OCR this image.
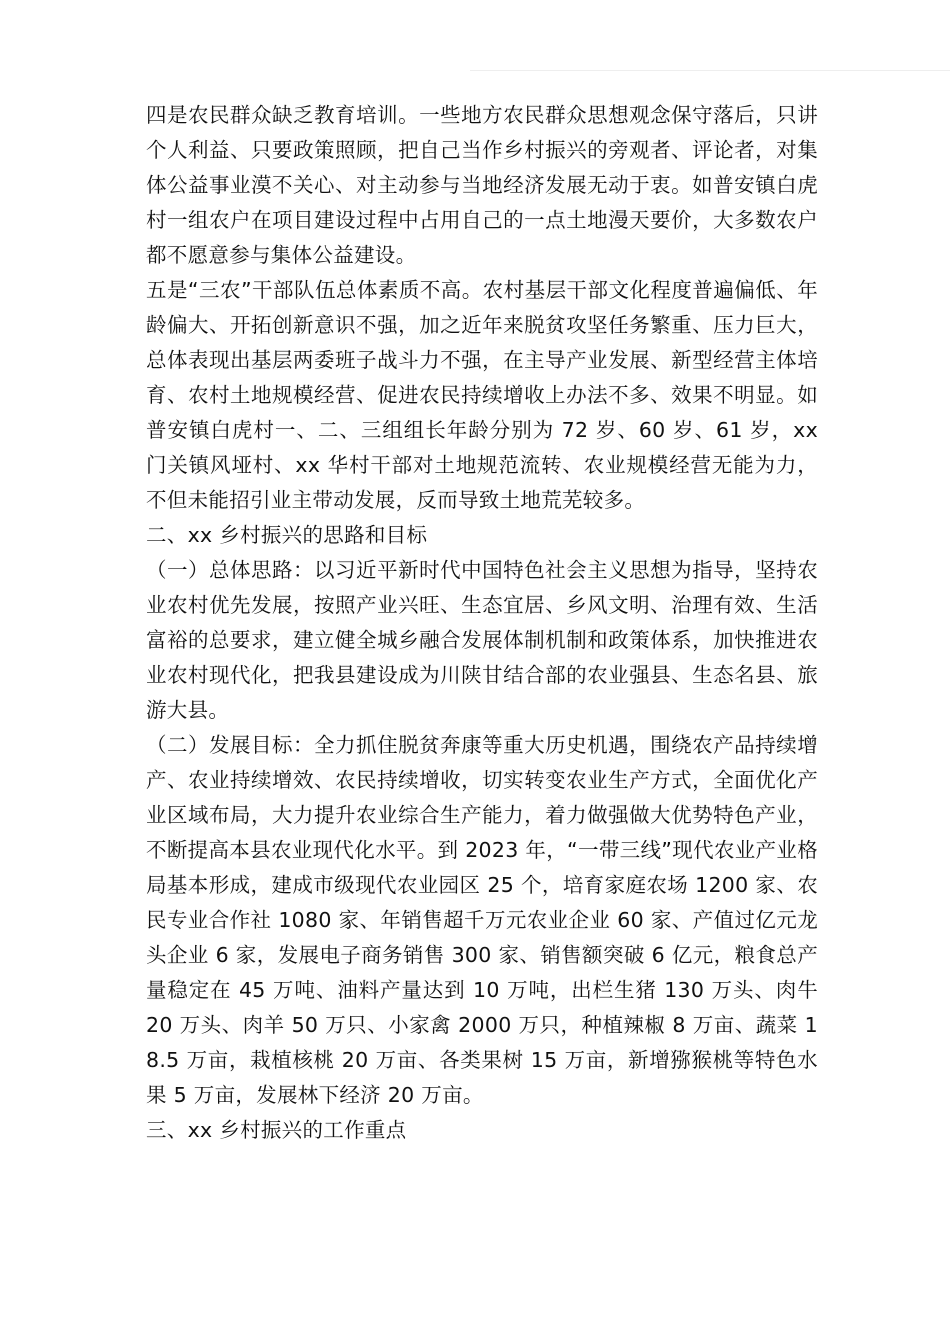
四是农民群众缺乏教育培训。一些地方农民群众思想观念保守落后，只讲个人利益、只要政策照顾，把自己当作乡村振兴的旁观者、评论者，对集体公益事业漠不关心、对主动参与当地经济发展无动于衷。如普安镇白虎村一组农户在项目建设过程中占用自己的一点土地漫天要价，大多数农户都不愿意参与集体公益建设。

五是“三农”干部队伍总体素质不高。农村基层干部文化程度普遍偏低、年龄偏大、开拓创新意识不强，加之近年来脱贫攻坚任务繁重、压力巨大，总体表现出基层两委班子战斗力不强，在主导产业发展、新型经营主体培育、农村土地规模经营、促进农民持续增收上办法不多、效果不明显。如普安镇白虎村一、二、三组组长年龄分别为 72 岁、60 岁、61 岁，xx 门关镇风垭村、xx 华村干部对土地规范流转、农业规模经营无能为力，不但未能招引业主带动发展，反而导致土地荒芜较多。

二、xx 乡村振兴的思路和目标

（一）总体思路：以习近平新时代中国特色社会主义思想为指导，坚持农业农村优先发展，按照产业兴旺、生态宜居、乡风文明、治理有效、生活富裕的总要求，建立健全城乡融合发展体制机制和政策体系，加快推进农业农村现代化，把我县建设成为川陕甘结合部的农业强县、生态名县、旅游大县。

（二）发展目标：全力抓住脱贫奔康等重大历史机遇，围绕农产品持续增产、农业持续增效、农民持续增收，切实转变农业生产方式，全面优化产业区域布局，大力提升农业综合生产能力，着力做强做大优势特色产业，不断提高本县农业现代化水平。到 2023 年，“一带三线”现代农业产业格局基本形成，建成市级现代农业园区 25 个，培育家庭农场 1200 家、农民专业合作社 1080 家、年销售超千万元农业企业 60 家、产值过亿元龙头企业 6 家，发展电子商务销售 300 家、销售额突破 6 亿元，粮食总产量稳定在 45 万吨、油料产量达到 10 万吨，出栏生猪 130 万头、肉牛 20 万头、肉羊 50 万只、小家禽 2000 万只，种植辣椒 8 万亩、蔬菜 18.5 万亩，栽植核桃 20 万亩、各类果树 15 万亩，新增猕猴桃等特色水果 5 万亩，发展林下经济 20 万亩。

三、xx 乡村振兴的工作重点
